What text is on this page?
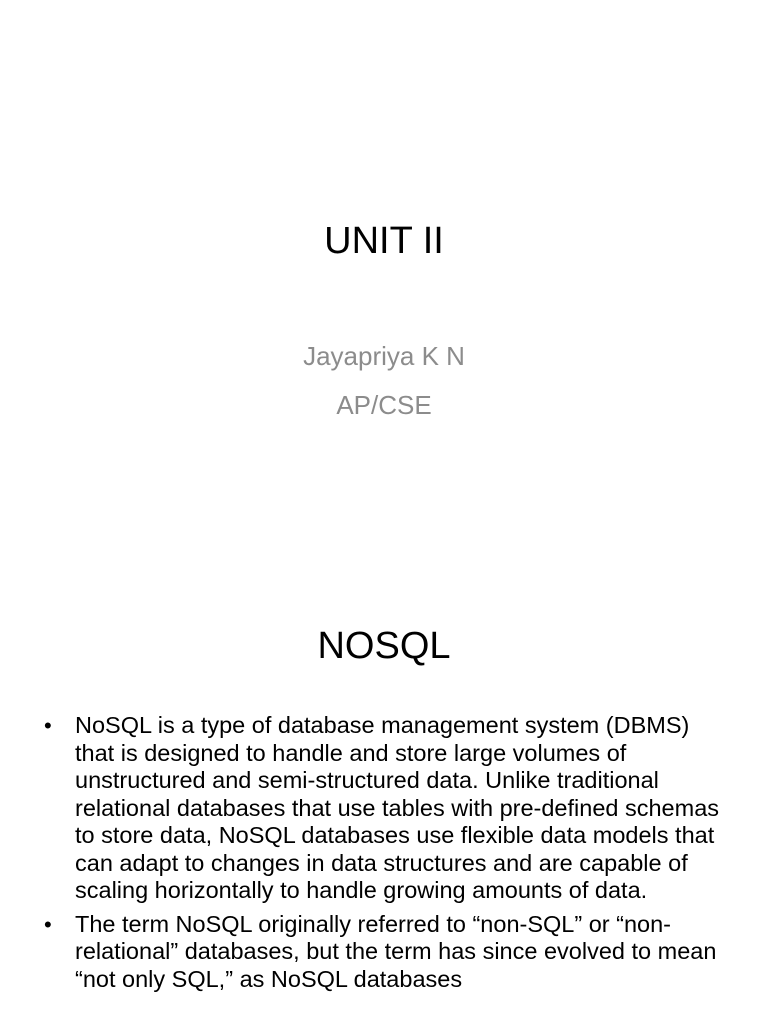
UNIT II
Jayapriya K N
AP/CSE
NOSQL
• NoSQL is a type of database management system (DBMS) that is designed to handle and store large volumes of unstructured and semi-structured data. Unlike traditional relational databases that use tables with pre-defined schemas to store data, NoSQL databases use flexible data models that can adapt to changes in data structures and are capable of scaling horizontally to handle growing amounts of data.
• The term NoSQL originally referred to “non-SQL” or “non-relational” databases, but the term has since evolved to mean “not only SQL,” as NoSQL databases
